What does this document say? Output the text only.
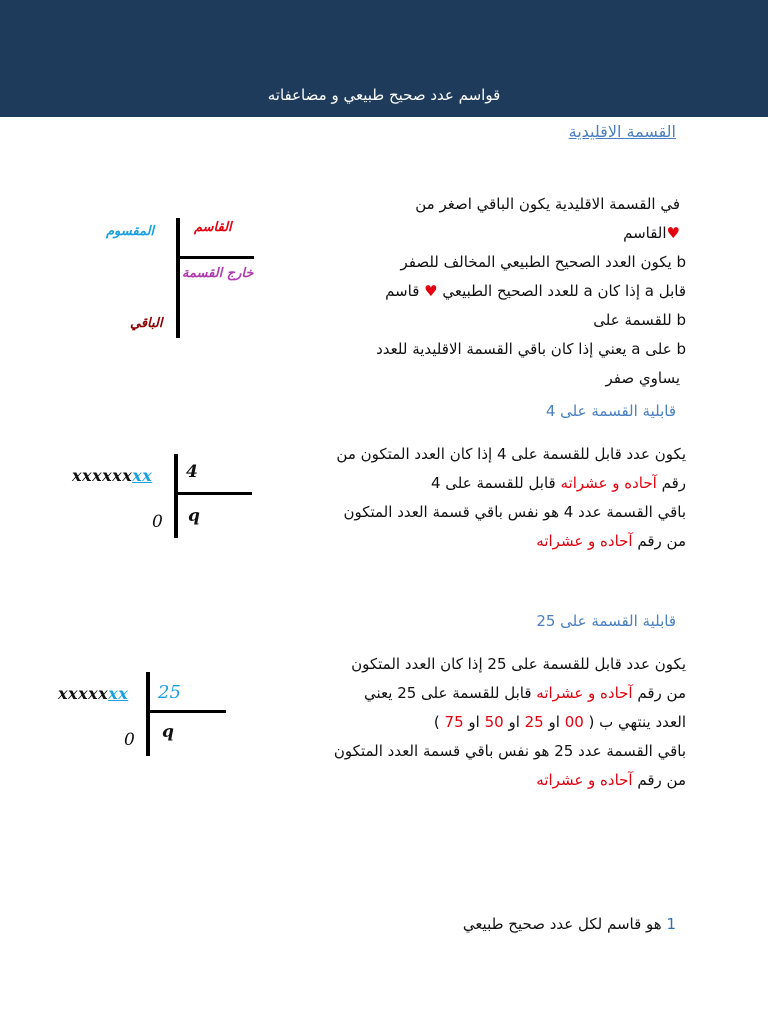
قواسم عدد صحيح طبيعي و مضاعفاته
القسمة الاقليدية
في القسمة الاقليدية يكون الباقي اصغر من
♥القاسم
b يكون العدد الصحيح الطبيعي المخالف للصفر
قابل a إذا كان a للعدد الصحيح الطبيعي ♥ قاسم
b للقسمة على
b على a يعني إذا كان باقي القسمة الاقليدية للعدد
يساوي صفر
المقسوم	القاسم
خارج القسمة
الباقي
قابلية القسمة على 4
يكون عدد قابل للقسمة على 4 إذا كان العدد المتكون من
رقم آحاده و عشراته قابل للقسمة على 4
باقي القسمة عدد 4 هو نفس باقي قسمة العدد المتكون
من رقم آحاده و عشراته
xxxxxxxx 4
q
0
قابلية القسمة على 25
يكون عدد قابل للقسمة على 25 إذا كان العدد المتكون
من رقم آحاده و عشراته قابل للقسمة على 25 يعني
العدد ينتهي ب ( 00 او 25 او 50 او 75 )
باقي القسمة عدد 25 هو نفس باقي قسمة العدد المتكون
من رقم آحاده و عشراته
xxxxxxx 25
q
0
1 هو قاسم لكل عدد صحيح طبيعي
